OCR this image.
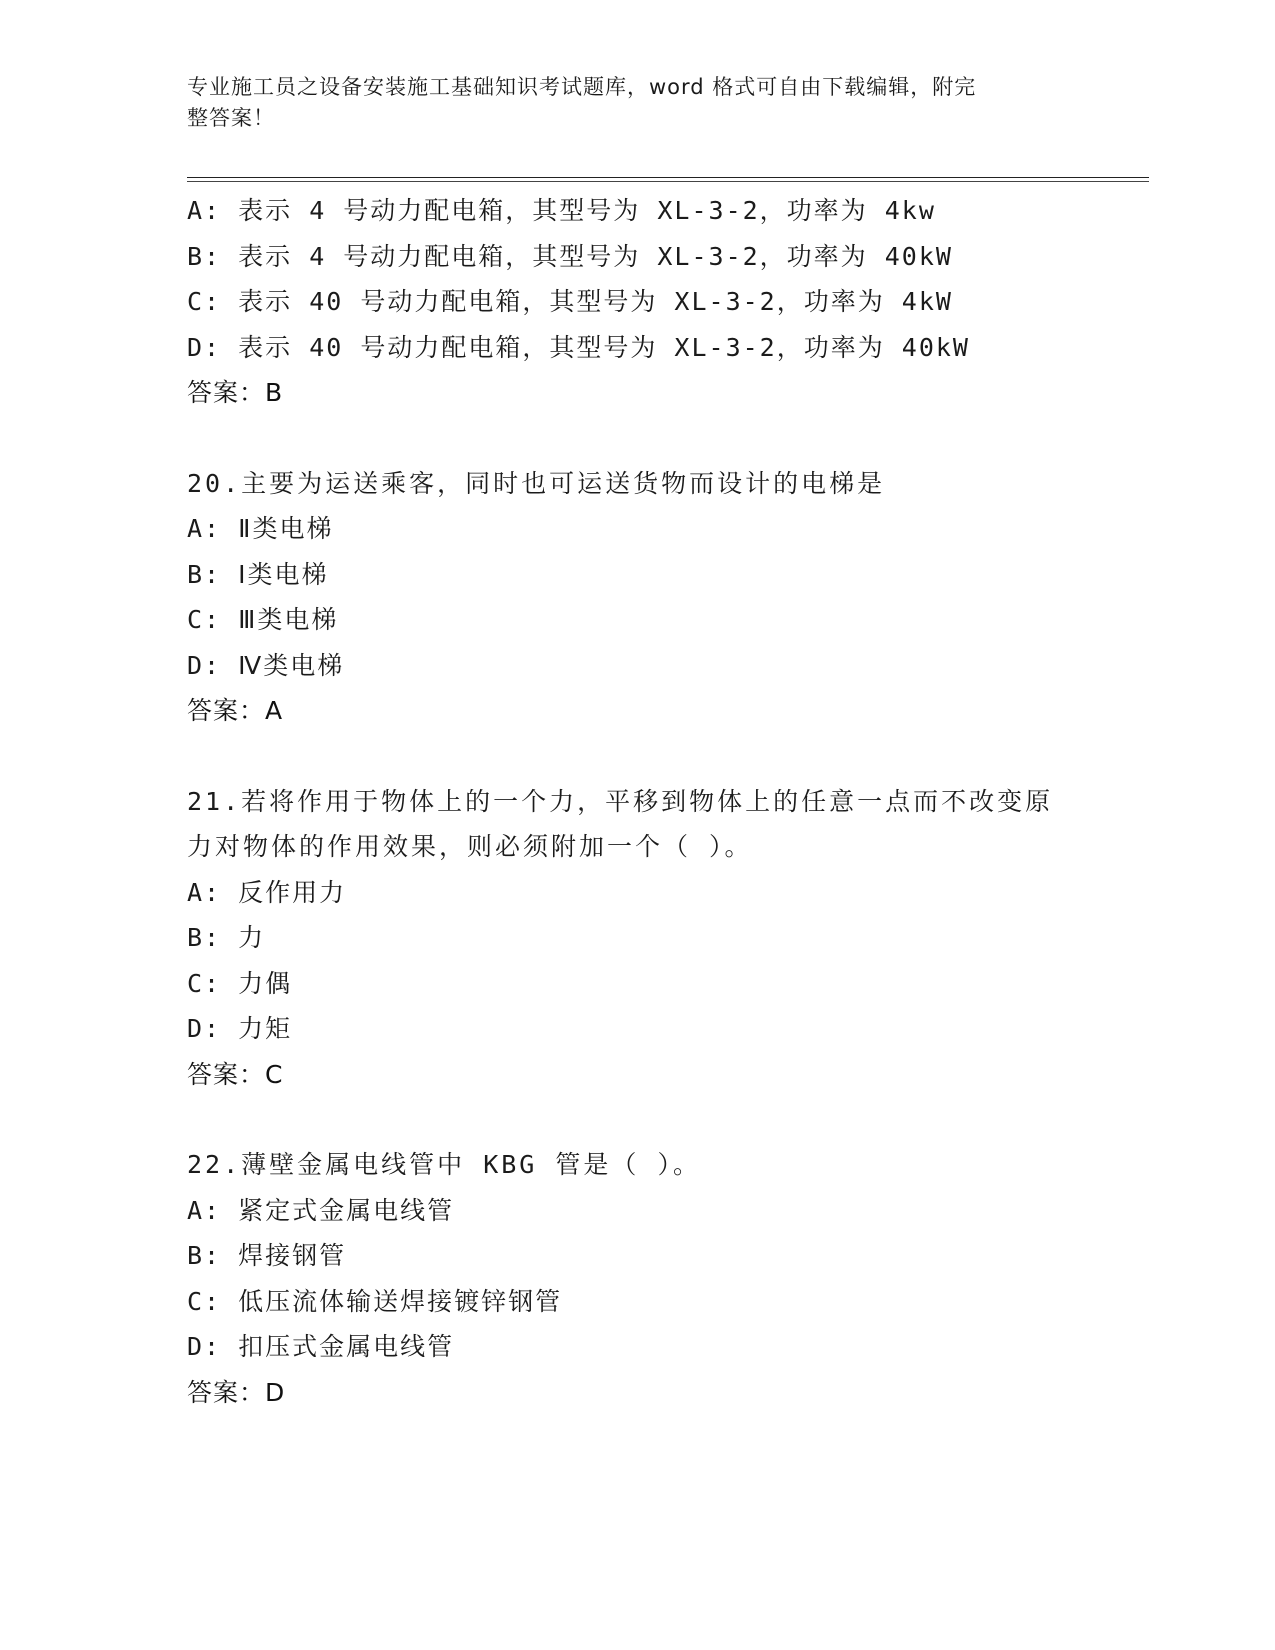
专业施工员之设备安装施工基础知识考试题库，word 格式可自由下载编辑，附完
整答案！
A: 表示 4 号动力配电箱，其型号为 XL-3-2，功率为 4kw
B: 表示 4 号动力配电箱，其型号为 XL-3-2，功率为 40kW
C: 表示 40 号动力配电箱，其型号为 XL-3-2，功率为 4kW
D: 表示 40 号动力配电箱，其型号为 XL-3-2，功率为 40kW
答案：B
20.主要为运送乘客，同时也可运送货物而设计的电梯是
A: Ⅱ类电梯
B: Ⅰ类电梯
C: Ⅲ类电梯
D: Ⅳ类电梯
答案：A
21.若将作用于物体上的一个力，平移到物体上的任意一点而不改变原
力对物体的作用效果，则必须附加一个（ ）。
A: 反作用力
B: 力
C: 力偶
D: 力矩
答案：C
22.薄壁金属电线管中 KBG 管是（ ）。
A: 紧定式金属电线管
B: 焊接钢管
C: 低压流体输送焊接镀锌钢管
D: 扣压式金属电线管
答案：D
